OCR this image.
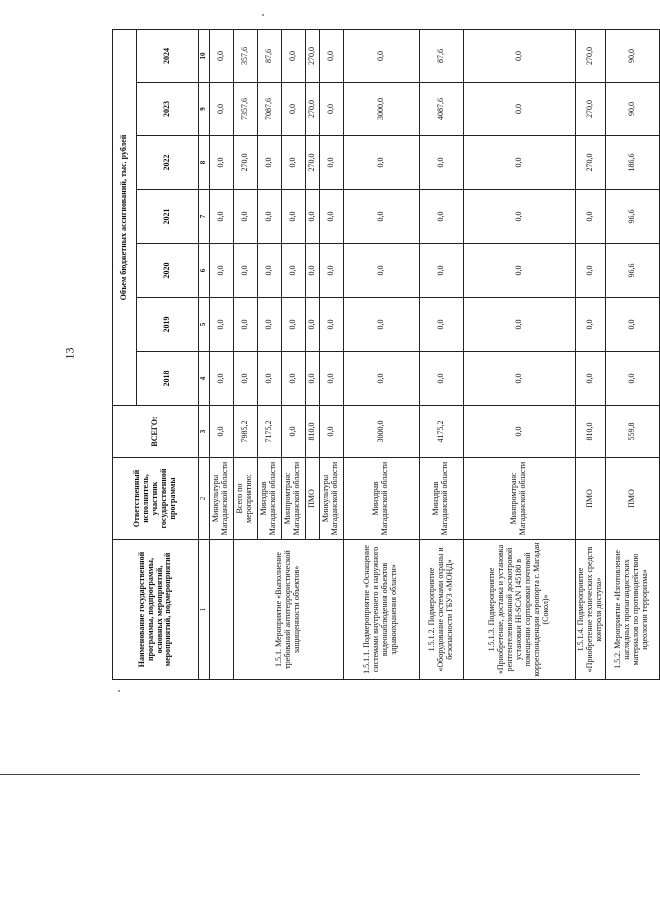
13
Наименование государственной программы, подпрограммы, основных мероприятий, мероприятий, подмероприятий	Ответственный исполнитель, участник государственной программы	ВСЕГО:	Объем бюджетных ассигнований, тыс. рублей						
			2018	2019	2020	2021	2022	2023	2024
1	2	3	4	5	6	7	8	9	10
	Минкультуры Магаданской области	0,0	0,0	0,0	0,0	0,0	0,0	0,0	0,0
1.5.1. Мероприятие «Выполнение требований антитеррористической защищенности объектов»	Всего по мероприятию:	7985,2	0,0	0,0	0,0	0,0	270,0	7357,6	357,6
	Минздрав Магаданской области	7175,2	0,0	0,0	0,0	0,0	0,0	7087,6	87,6
	Минпромтранс Магаданской области	0,0	0,0	0,0	0,0	0,0	0,0	0,0	0,0
	ПМО	810,0	0,0	0,0	0,0	0,0	270,0	270,0	270,0
	Минкультуры Магаданской области	0,0	0,0	0,0	0,0	0,0	0,0	0,0	0,0
1.5.1.1. Подмероприятие «Оснащение системами внутреннего и наружного видеонаблюдения объектов здравоохранения области»	Минздрав Магаданской области	3000,0	0,0	0,0	0,0	0,0	0,0	3000,0	0,0
1.5.1.2. Подмероприятие «Оборудование системами охраны и безопасности ГБУЗ «МОНД»	Минздрав Магаданской области	4175,2	0,0	0,0	0,0	0,0	0,0	4087,6	87,6
1.5.1.3. Подмероприятие «Приобретение, доставка и установка рентгентелевизионной досмотровой установки HI-SCAN 145180 в помещении сортировки почтовой корреспонденции аэропорта г. Магадан (Сокол)»	Минпромтранс Магаданской области	0,0	0,0	0,0	0,0	0,0	0,0	0,0	0,0
1.5.1.4. Подмероприятие «Приобретение технических средств контроля доступа»	ПМО	810,0	0,0	0,0	0,0	0,0	270,0	270,0	270,0
1.5.2. Мероприятие «Изготовление наглядных пропагандистских материалов по противодействию идеологии терроризма»	ПМО	559,8	0,0	0,0	96,6	96,6	186,6	90,0	90,0
